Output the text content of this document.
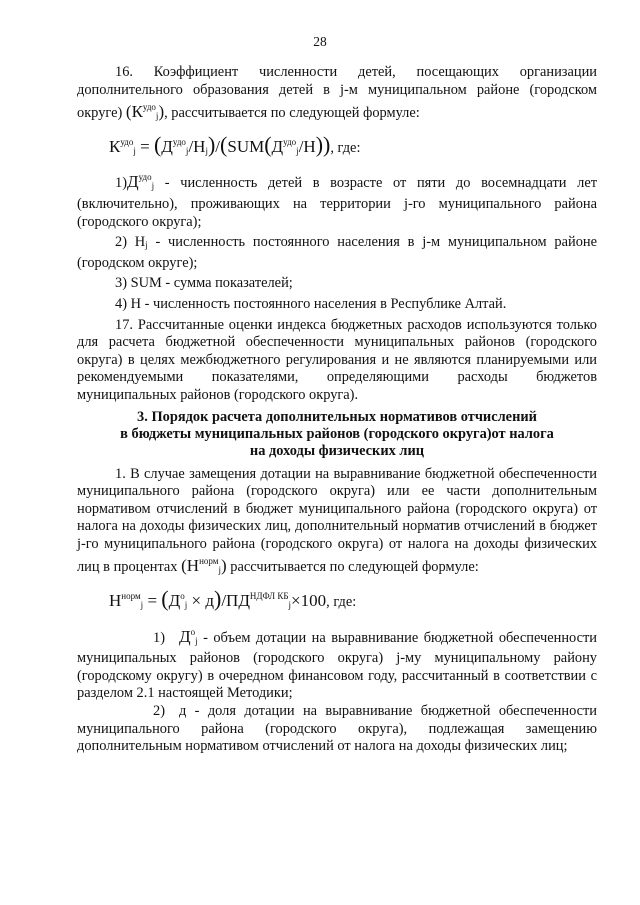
28

16. Коэффициент численности детей, посещающих организации дополнительного образования детей в j-м муниципальном районе (городском округе) $(К^{удо}_j)$, рассчитывается по следующей формуле:

$К^{удо}_j = (Д^{удо}_j/Н_j)/(SUM(Д^{удо}_j/Н))$, где:

$1)Д^{удо}_j$ - численность детей в возрасте от пяти до восемнадцати лет (включительно), проживающих на территории j-го муниципального района (городского округа);

2) $Н_j$ - численность постоянного населения в j-м муниципальном районе (городском округе);

3) SUM - сумма показателей;

4) Н - численность постоянного населения в Республике Алтай.

17. Рассчитанные оценки индекса бюджетных расходов используются только для расчета бюджетной обеспеченности муниципальных районов (городского округа) в целях межбюджетного регулирования и не являются планируемыми или рекомендуемыми показателями, определяющими расходы бюджетов муниципальных районов (городского округа).

3. Порядок расчета дополнительных нормативов отчислений
в бюджеты муниципальных районов (городского округа)от налога
на доходы физических лиц

1. В случае замещения дотации на выравнивание бюджетной обеспеченности муниципального района (городского округа) или ее части дополнительным нормативом отчислений в бюджет муниципального района (городского округа) от налога на доходы физических лиц, дополнительный норматив отчислений в бюджет j-го муниципального района (городского округа) от налога на доходы физических лиц в процентах $(Н^{норм}_j)$ рассчитывается по следующей формуле:

$Н^{норм}_j = (Д^о_j \times д)/ПД^{НДФЛ КБ}_j\times 100$, где:

1) $Д^о_j$ - объем дотации на выравнивание бюджетной обеспеченности муниципальных районов (городского округа) j-му муниципальному району (городскому округу) в очередном финансовом году, рассчитанный в соответствии с разделом 2.1 настоящей Методики;

2) д - доля дотации на выравнивание бюджетной обеспеченности муниципального района (городского округа), подлежащая замещению дополнительным нормативом отчислений от налога на доходы физических лиц;
